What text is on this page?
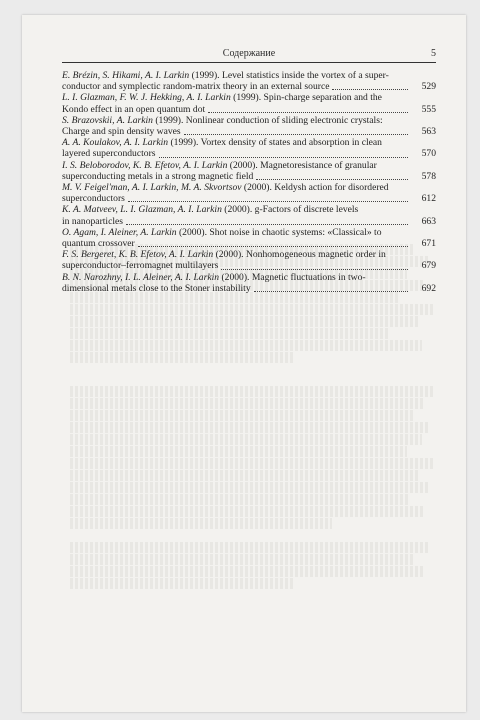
Содержание	5
E. Brézin, S. Hikami, A. I. Larkin (1999). Level statistics inside the vortex of a super-
conductor and symplectic random-matrix theory in an external source	529
L. I. Glazman, F. W. J. Hekking, A. I. Larkin (1999). Spin-charge separation and the
Kondo effect in an open quantum dot	555
S. Brazovskii, A. Larkin (1999). Nonlinear conduction of sliding electronic crystals:
Charge and spin density waves	563
A. A. Koulakov, A. I. Larkin (1999). Vortex density of states and absorption in clean
layered superconductors	570
I. S. Beloborodov, K. B. Efetov, A. I. Larkin (2000). Magnetoresistance of granular
superconducting metals in a strong magnetic field	578
M. V. Feigel'man, A. I. Larkin, M. A. Skvortsov (2000). Keldysh action for disordered
superconductors	612
K. A. Matveev, L. I. Glazman, A. I. Larkin (2000). g-Factors of discrete levels
in nanoparticles	663
O. Agam, I. Aleiner, A. Larkin (2000). Shot noise in chaotic systems: «Classical» to
quantum crossover	671
F. S. Bergeret, K. B. Efetov, A. I. Larkin (2000). Nonhomogeneous magnetic order in
superconductor–ferromagnet multilayers	679
B. N. Narozhny, I. L. Aleiner, A. I. Larkin (2000). Magnetic fluctuations in two-
dimensional metals close to the Stoner instability	692
